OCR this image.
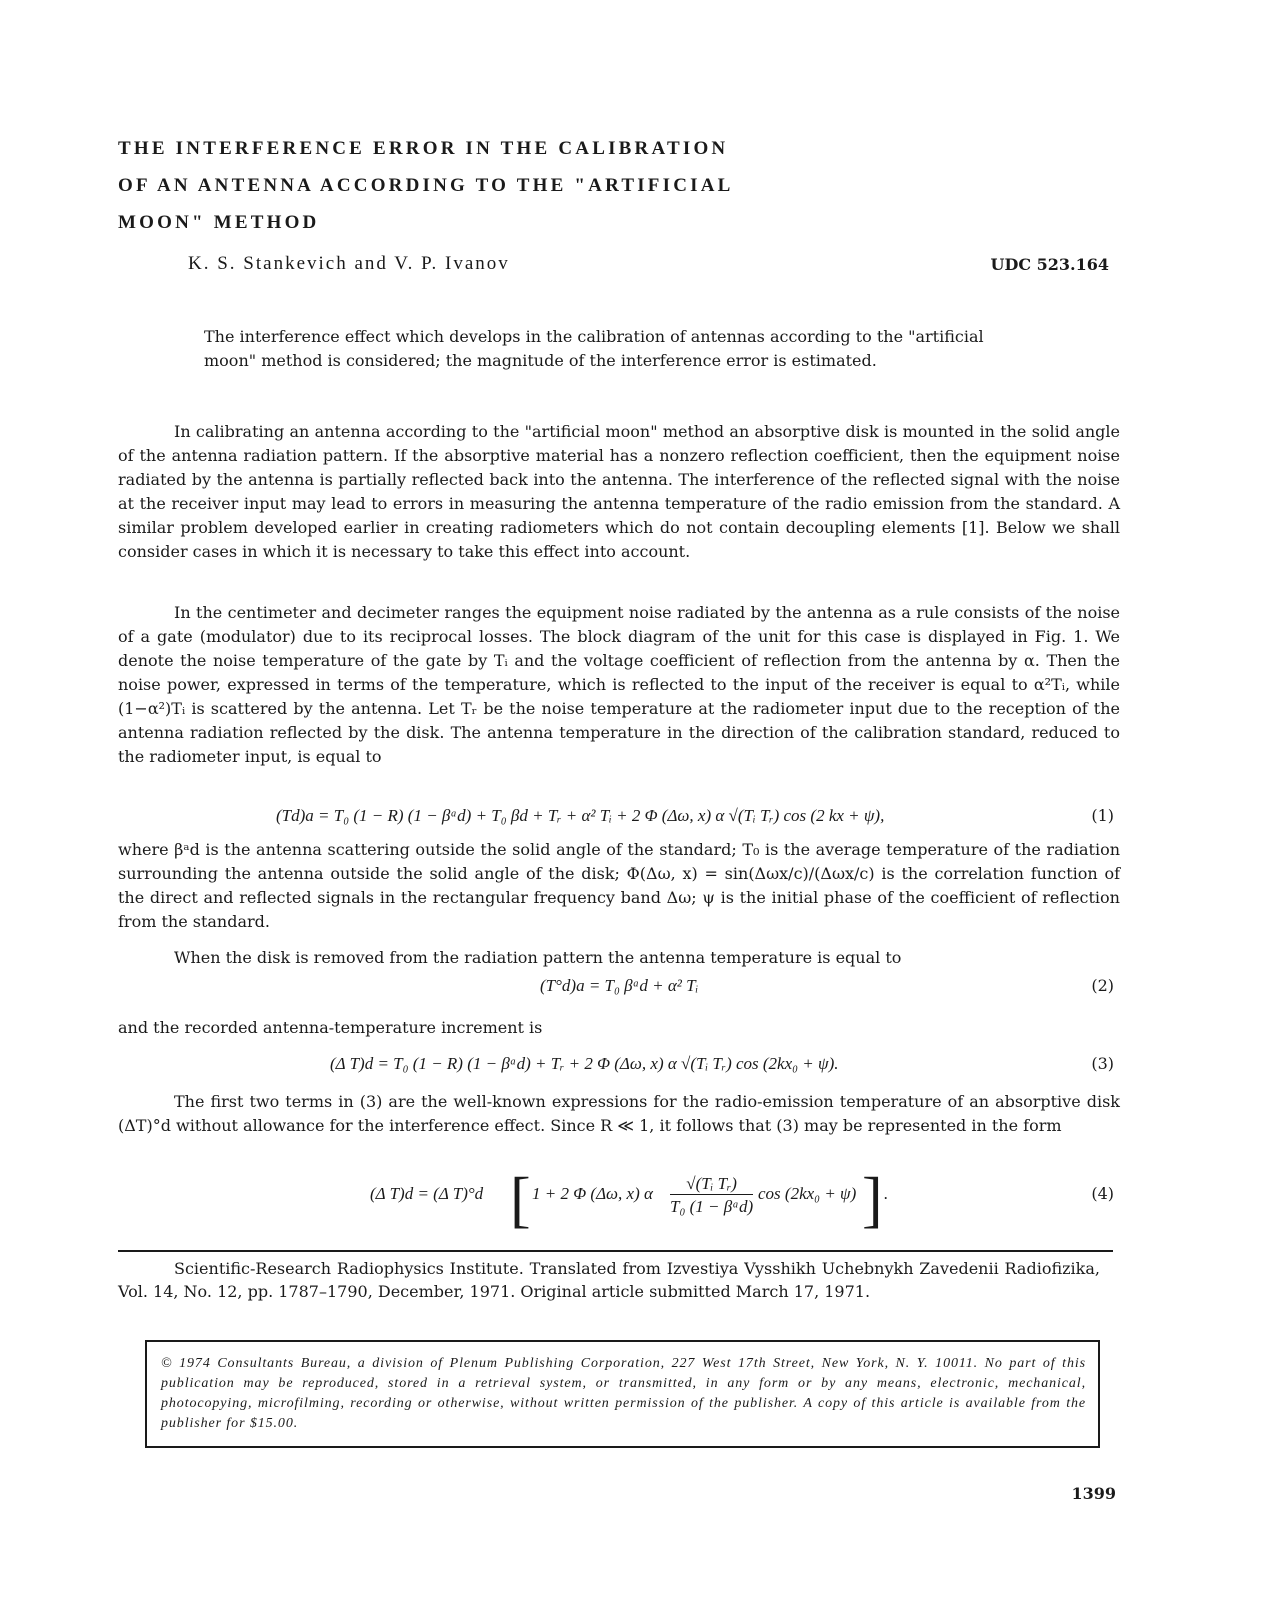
THE INTERFERENCE ERROR IN THE CALIBRATION
OF AN ANTENNA ACCORDING TO THE "ARTIFICIAL
MOON" METHOD
K. S. Stankevich and V. P. Ivanov	UDC 523.164

The interference effect which develops in the calibration of antennas according to the "artificial moon" method is considered; the magnitude of the interference error is estimated.

In calibrating an antenna according to the "artificial moon" method an absorptive disk is mounted in the solid angle of the antenna radiation pattern. If the absorptive material has a nonzero reflection coefficient, then the equipment noise radiated by the antenna is partially reflected back into the antenna. The interference of the reflected signal with the noise at the receiver input may lead to errors in measuring the antenna temperature of the radio emission from the standard. A similar problem developed earlier in creating radiometers which do not contain decoupling elements [1]. Below we shall consider cases in which it is necessary to take this effect into account.

In the centimeter and decimeter ranges the equipment noise radiated by the antenna as a rule consists of the noise of a gate (modulator) due to its reciprocal losses. The block diagram of the unit for this case is displayed in Fig. 1. We denote the noise temperature of the gate by Tᵢ and the voltage coefficient of reflection from the antenna by α. Then the noise power, expressed in terms of the temperature, which is reflected to the input of the receiver is equal to α²Tᵢ, while (1−α²)Tᵢ is scattered by the antenna. Let Tᵣ be the noise temperature at the radiometer input due to the reception of the antenna radiation reflected by the disk. The antenna temperature in the direction of the calibration standard, reduced to the radiometer input, is equal to

(Td)a = T₀ (1 − R) (1 − βᵃd) + T₀ βd + Tᵣ + α² Tᵢ + 2 Φ (Δω, x) α √(Tᵢ Tᵣ) cos (2 kx + ψ),	(1)

where βᵃd is the antenna scattering outside the solid angle of the standard; T₀ is the average temperature of the radiation surrounding the antenna outside the solid angle of the disk; Φ(Δω, x) = sin(Δωx/c)/(Δωx/c) is the correlation function of the direct and reflected signals in the rectangular frequency band Δω; ψ is the initial phase of the coefficient of reflection from the standard.

When the disk is removed from the radiation pattern the antenna temperature is equal to

(T°d)a = T₀ βᵃd + α² Tᵢ	(2)

and the recorded antenna-temperature increment is

(Δ T)d = T₀ (1 − R) (1 − βᵃd) + Tᵣ + 2 Φ (Δω, x) α √(Tᵢ Tᵣ) cos (2kx₀ + ψ).	(3)

The first two terms in (3) are the well-known expressions for the radio-emission temperature of an absorptive disk (ΔT)°d without allowance for the interference effect. Since R ≪ 1, it follows that (3) may be represented in the form

(Δ T)d = (Δ T)°d [ 1 + 2 Φ (Δω, x) α
√(Tᵢ Tᵣ)
T₀ (1 − βᵃd)
cos (2kx₀ + ψ) ] .	(4)

Scientific-Research Radiophysics Institute. Translated from Izvestiya Vysshikh Uchebnykh Zavedenii Radiofizika, Vol. 14, No. 12, pp. 1787–1790, December, 1971. Original article submitted March 17, 1971.

© 1974 Consultants Bureau, a division of Plenum Publishing Corporation, 227 West 17th Street, New York, N. Y. 10011. No part of this publication may be reproduced, stored in a retrieval system, or transmitted, in any form or by any means, electronic, mechanical, photocopying, microfilming, recording or otherwise, without written permission of the publisher. A copy of this article is available from the publisher for $15.00.
1399
